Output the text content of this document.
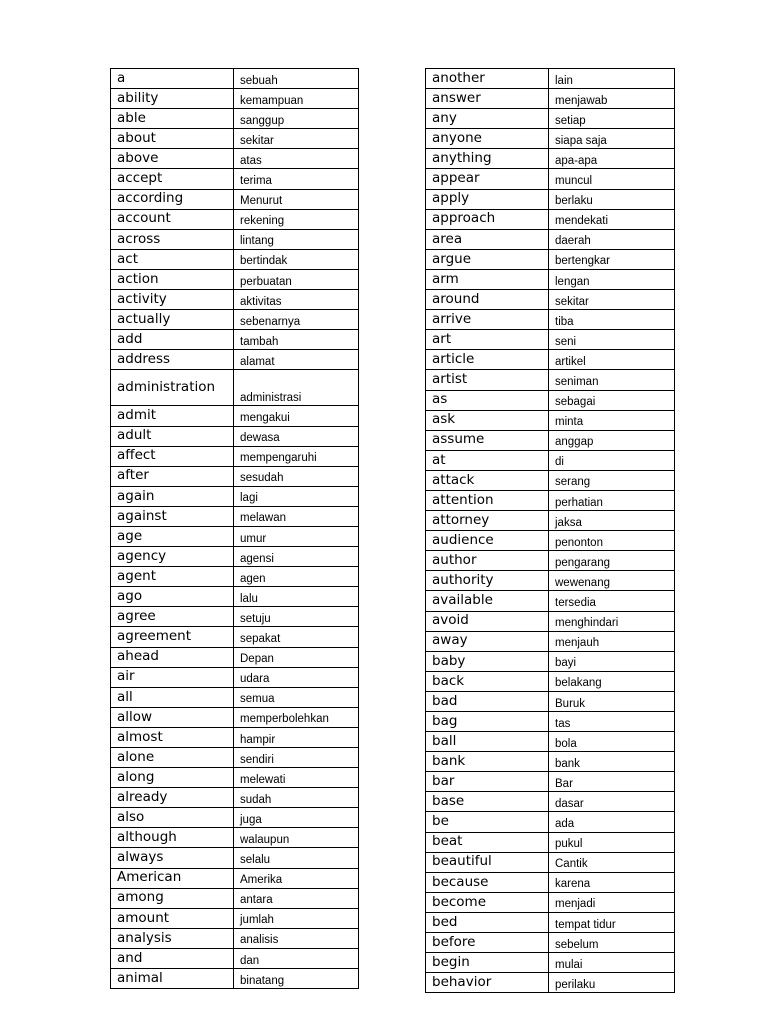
a	sebuah
ability	kemampuan
able	sanggup
about	sekitar
above	atas
accept	terima
according	Menurut
account	rekening
across	lintang
act	bertindak
action	perbuatan
activity	aktivitas
actually	sebenarnya
add	tambah
address	alamat
administration	administrasi
admit	mengakui
adult	dewasa
affect	mempengaruhi
after	sesudah
again	lagi
against	melawan
age	umur
agency	agensi
agent	agen
ago	lalu
agree	setuju
agreement	sepakat
ahead	Depan
air	udara
all	semua
allow	memperbolehkan
almost	hampir
alone	sendiri
along	melewati
already	sudah
also	juga
although	walaupun
always	selalu
American	Amerika
among	antara
amount	jumlah
analysis	analisis
and	dan
animal	binatang
another	lain
answer	menjawab
any	setiap
anyone	siapa saja
anything	apa-apa
appear	muncul
apply	berlaku
approach	mendekati
area	daerah
argue	bertengkar
arm	lengan
around	sekitar
arrive	tiba
art	seni
article	artikel
artist	seniman
as	sebagai
ask	minta
assume	anggap
at	di
attack	serang
attention	perhatian
attorney	jaksa
audience	penonton
author	pengarang
authority	wewenang
available	tersedia
avoid	menghindari
away	menjauh
baby	bayi
back	belakang
bad	Buruk
bag	tas
ball	bola
bank	bank
bar	Bar
base	dasar
be	ada
beat	pukul
beautiful	Cantik
because	karena
become	menjadi
bed	tempat tidur
before	sebelum
begin	mulai
behavior	perilaku
